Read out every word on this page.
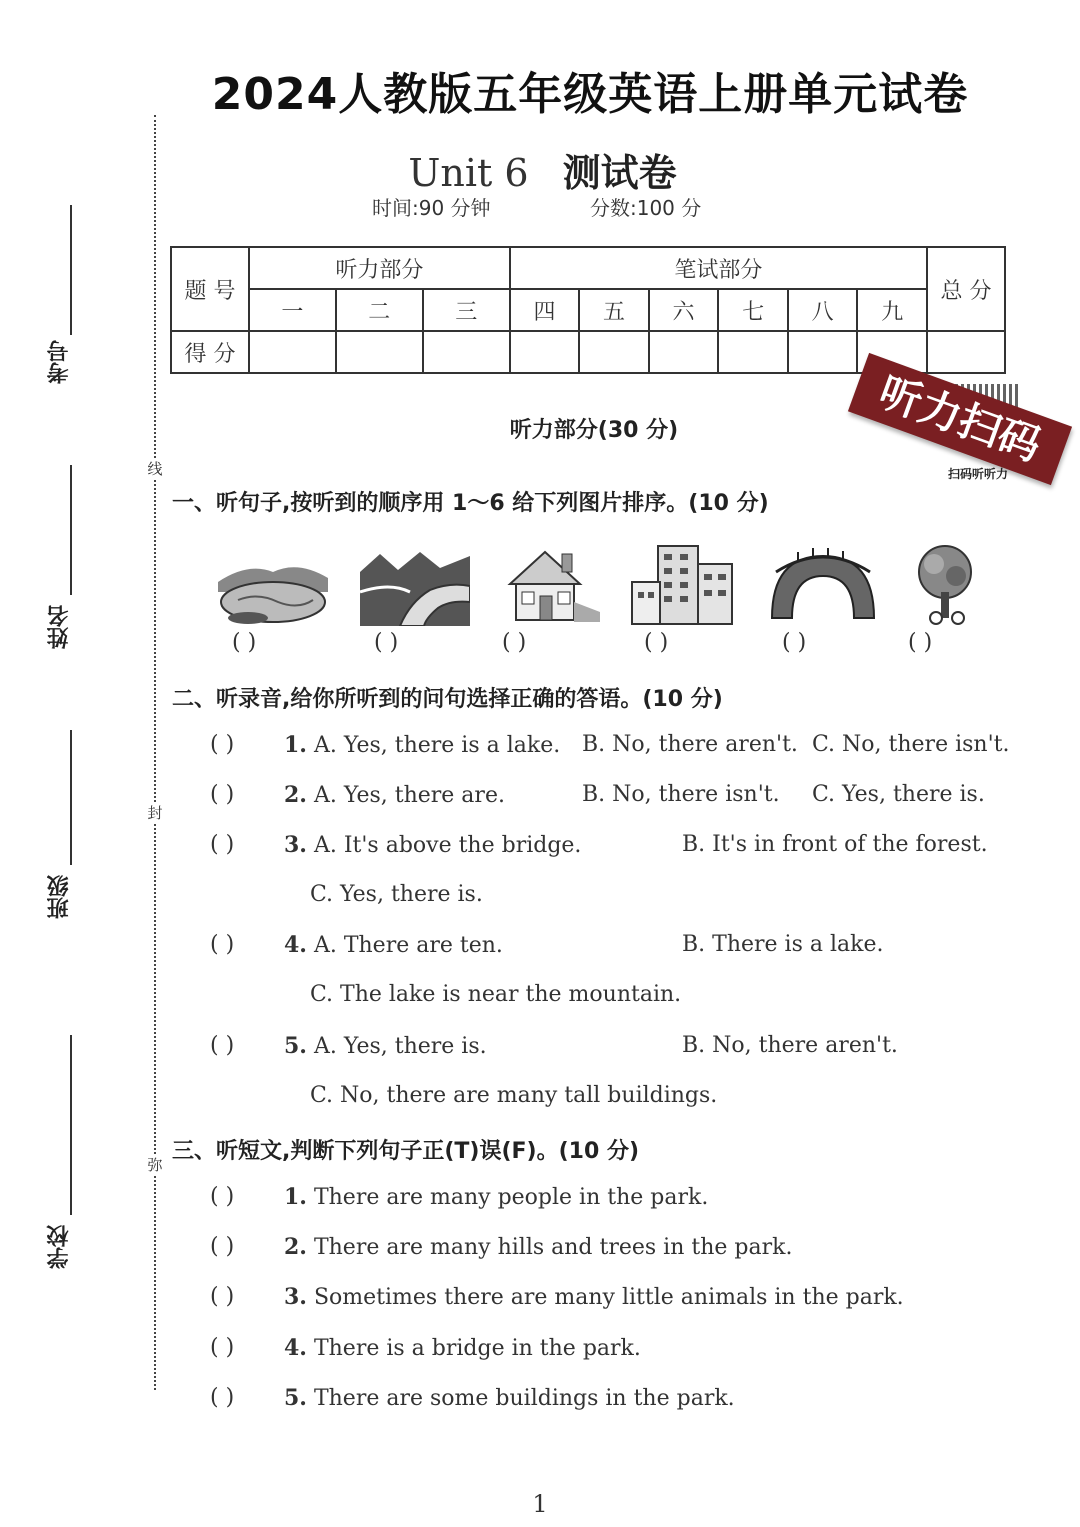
2024人教版五年级英语上册单元试卷
Unit 6 测试卷
时间:90 分钟	分数:100 分
考号
姓名
班级
学校
线
封
弥
题 号	听力部分			笔试部分						总 分
	一	二	三	四	五	六	七	八	九	
得 分										
听力扫码
扫码听听力
听力部分(30 分)
一、听句子,按听到的顺序用 1～6 给下列图片排序。(10 分)
( )	( )	( )	( )	( )	( )
二、听录音,给你所听到的问句选择正确的答语。(10 分)
( ) 1. A. Yes, there is a lake. B. No, there aren't. C. No, there isn't.
( ) 2. A. Yes, there are.	B. No, there isn't. C. Yes, there is.
( ) 3. A. It's above the bridge.	B. It's in front of the forest.
C. Yes, there is.
( ) 4. A. There are ten.	B. There is a lake.
C. The lake is near the mountain.
( ) 5. A. Yes, there is.	B. No, there aren't.
C. No, there are many tall buildings.
三、听短文,判断下列句子正(T)误(F)。(10 分)
( ) 1. There are many people in the park.
( ) 2. There are many hills and trees in the park.
( ) 3. Sometimes there are many little animals in the park.
( ) 4. There is a bridge in the park.
( ) 5. There are some buildings in the park.
1
